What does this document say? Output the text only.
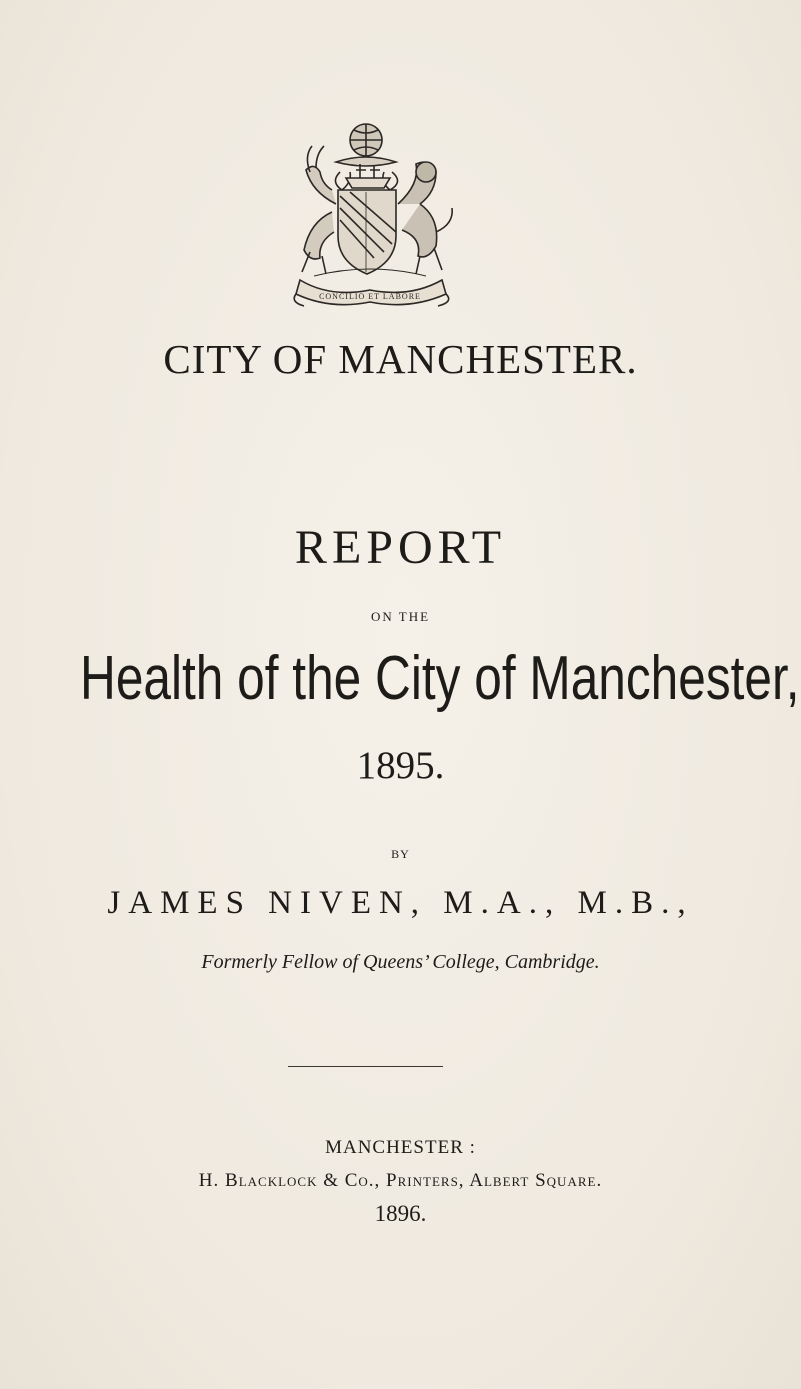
CONCILIO ET LABORE
CITY OF MANCHESTER.
REPORT
ON THE
Health of the City of Manchester,
1895.
BY
JAMES NIVEN, M.A., M.B.,
Formerly Fellow of Queens’ College, Cambridge.
MANCHESTER :
H. Blacklock & Co., Printers, Albert Square.
1896.
